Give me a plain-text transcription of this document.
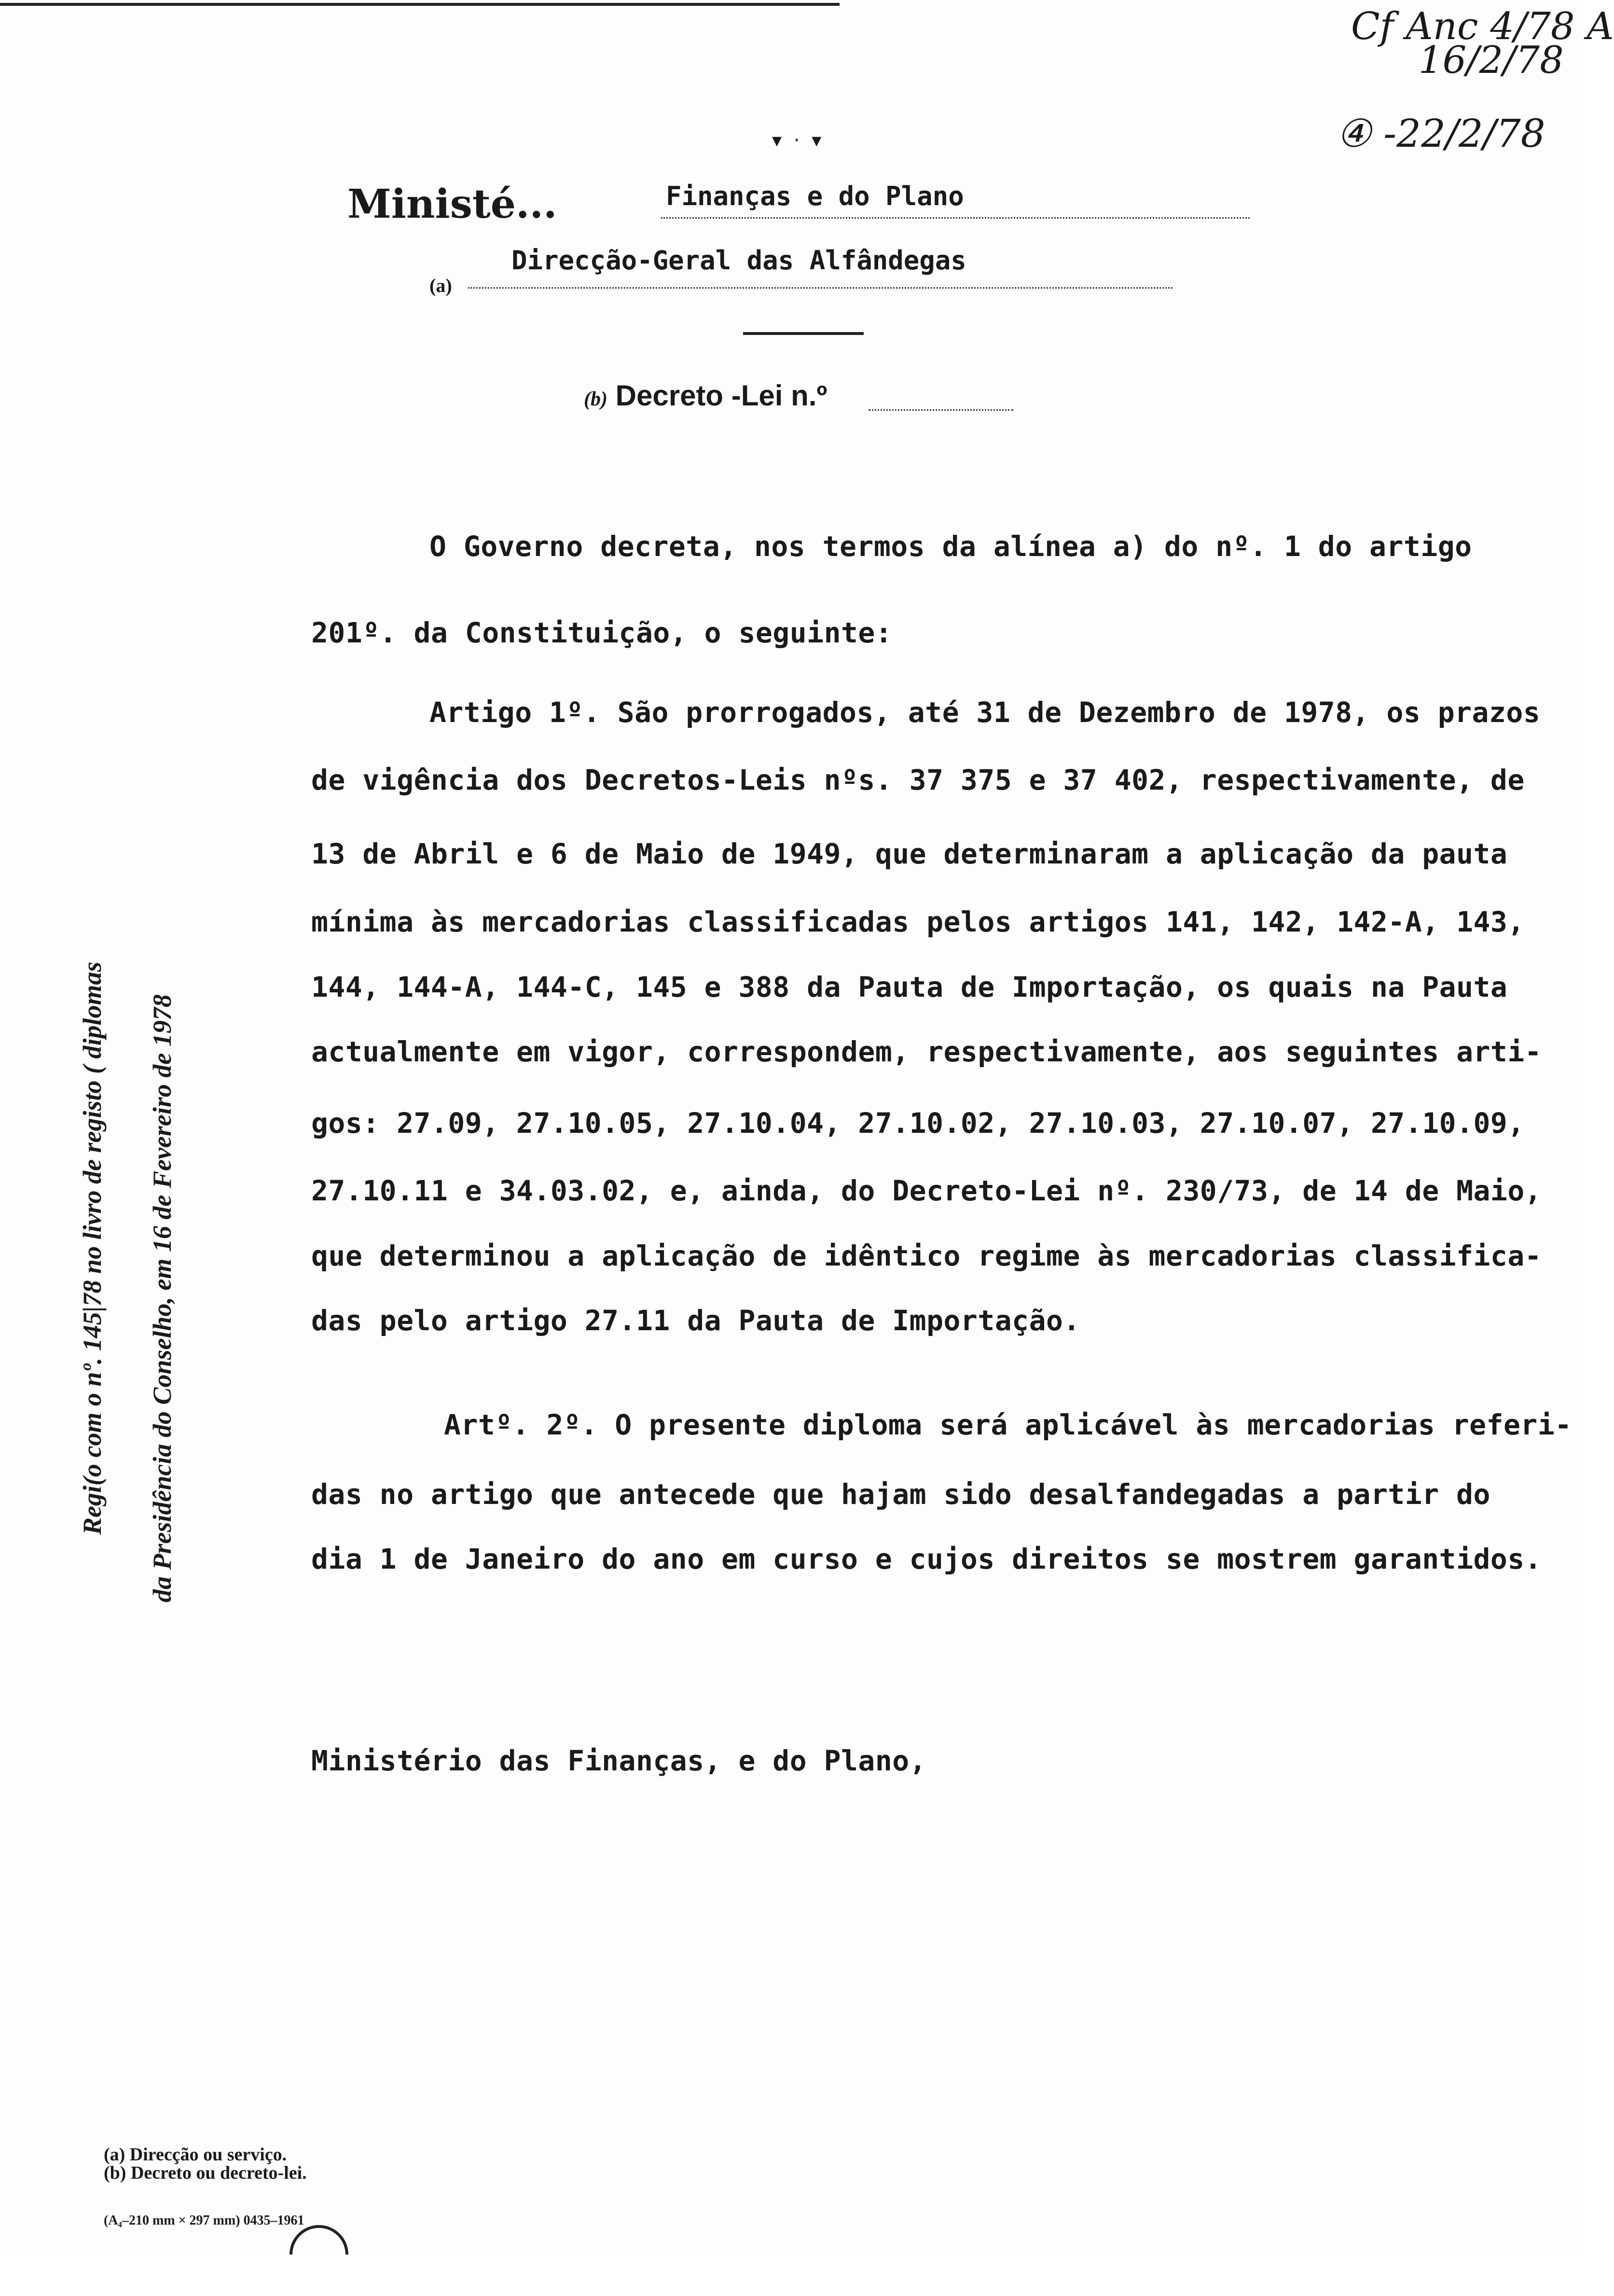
Cf Anc 4/78 A
16/2/78
④ -22/2/78
▾ · ▾
Ministé...	Finanças e do Plano
(a)
Direcção-Geral das Alfândegas
(b) Decreto -Lei n.º
O Governo decreta, nos termos da alínea a) do nº. 1 do artigo
201º. da Constituição, o seguinte:
Artigo 1º. São prorrogados, até 31 de Dezembro de 1978, os prazos
de vigência dos Decretos-Leis nºs. 37 375 e 37 402, respectivamente, de
13 de Abril e 6 de Maio de 1949, que determinaram a aplicação da pauta
mínima às mercadorias classificadas pelos artigos 141, 142, 142-A, 143,
144, 144-A, 144-C, 145 e 388 da Pauta de Importação, os quais na Pauta
actualmente em vigor, correspondem, respectivamente, aos seguintes arti-
gos: 27.09, 27.10.05, 27.10.04, 27.10.02, 27.10.03, 27.10.07, 27.10.09,
27.10.11 e 34.03.02, e, ainda, do Decreto-Lei nº. 230/73, de 14 de Maio,
que determinou a aplicação de idêntico regime às mercadorias classifica-
das pelo artigo 27.11 da Pauta de Importação.
Artº. 2º. O presente diploma será aplicável às mercadorias referi-
das no artigo que antecede que hajam sido desalfandegadas a partir do
dia 1 de Janeiro do ano em curso e cujos direitos se mostrem garantidos.
Ministério das Finanças, e do Plano,
Regi(o com o nº. 145|78 no livro de registo ( diplomas da Presidência do Conselho, em 16 de Fevereiro de 1978
(a) Direcção ou serviço.
(b) Decreto ou decreto-lei.
(A₄–210 mm × 297 mm) 0435–1961
